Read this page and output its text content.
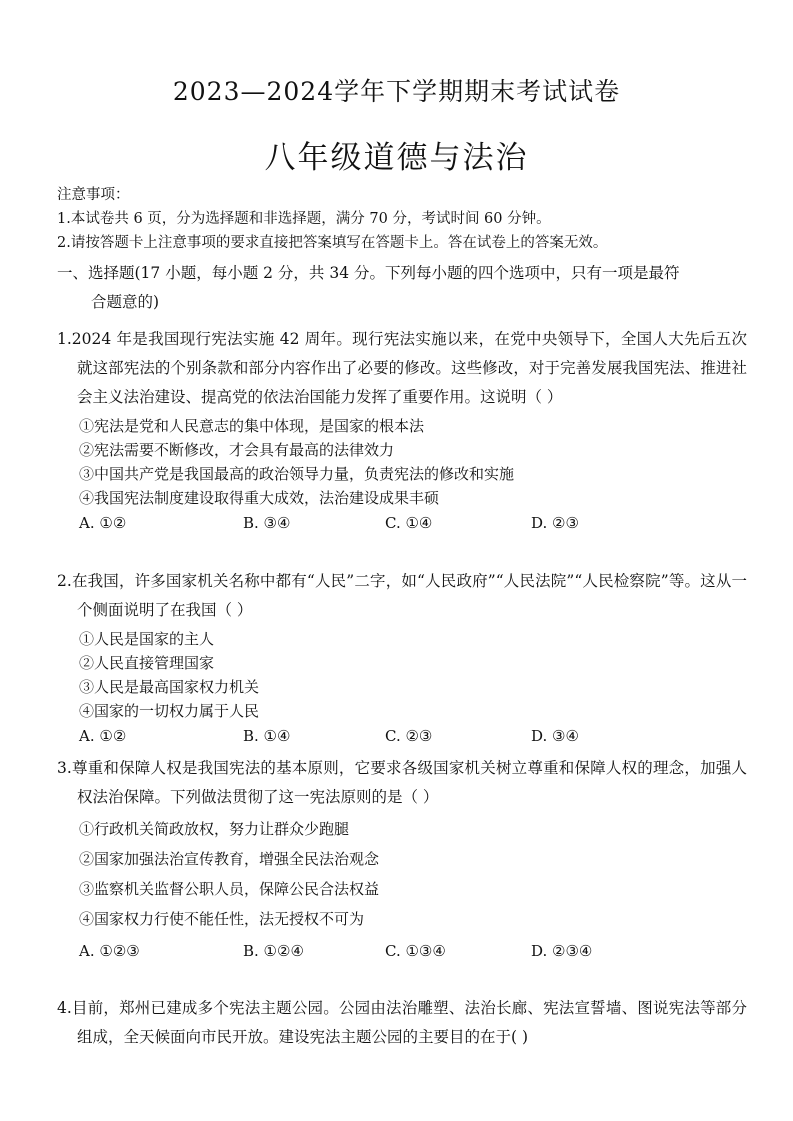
2023—2024学年下学期期末考试试卷
八年级道德与法治
注意事项：
1.本试卷共 6 页，分为选择题和非选择题，满分 70 分，考试时间 60 分钟。
2.请按答题卡上注意事项的要求直接把答案填写在答题卡上。答在试卷上的答案无效。
一、选择题(17 小题，每小题 2 分，共 34 分。下列每小题的四个选项中，只有一项是最符
合题意的)
1.2024 年是我国现行宪法实施 42 周年。现行宪法实施以来，在党中央领导下，全国人大先后五次就这部宪法的个别条款和部分内容作出了必要的修改。这些修改，对于完善发展我国宪法、推进社会主义法治建设、提高党的依法治国能力发挥了重要作用。这说明（ ）
①宪法是党和人民意志的集中体现，是国家的根本法
②宪法需要不断修改，才会具有最高的法律效力
③中国共产党是我国最高的政治领导力量，负责宪法的修改和实施
④我国宪法制度建设取得重大成效，法治建设成果丰硕
A. ①②	B. ③④	C. ①④	D. ②③
2.在我国，许多国家机关名称中都有“人民”二字，如“人民政府”“人民法院”“人民检察院”等。这从一个侧面说明了在我国（ ）
①人民是国家的主人
②人民直接管理国家
③人民是最高国家权力机关
④国家的一切权力属于人民
A. ①②	B. ①④	C. ②③	D. ③④
3.尊重和保障人权是我国宪法的基本原则，它要求各级国家机关树立尊重和保障人权的理念，加强人权法治保障。下列做法贯彻了这一宪法原则的是（ ）
①行政机关简政放权，努力让群众少跑腿
②国家加强法治宣传教育，增强全民法治观念
③监察机关监督公职人员，保障公民合法权益
④国家权力行使不能任性，法无授权不可为
A. ①②③	B. ①②④	C. ①③④	D. ②③④
4.目前，郑州已建成多个宪法主题公园。公园由法治雕塑、法治长廊、宪法宣誓墙、图说宪法等部分组成，全天候面向市民开放。建设宪法主题公园的主要目的在于( )
